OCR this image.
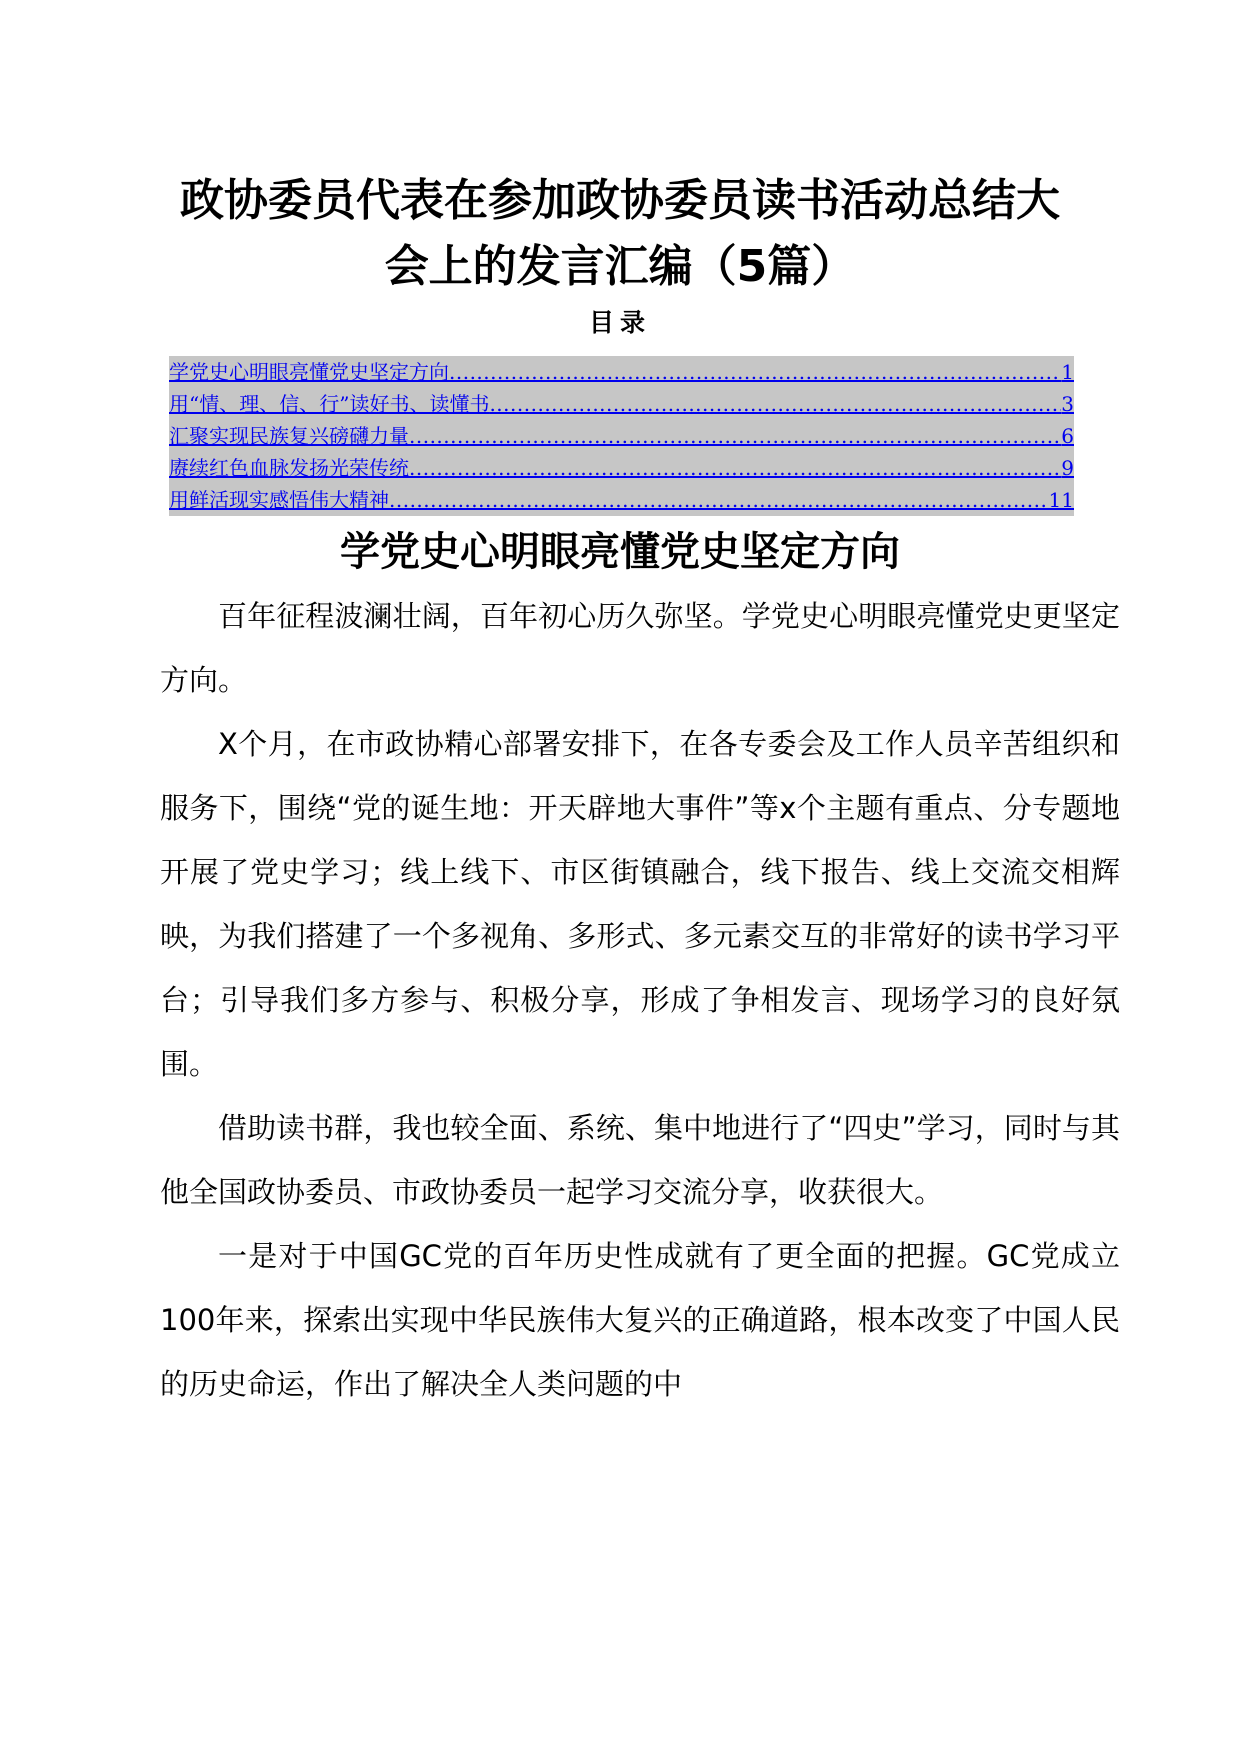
政协委员代表在参加政协委员读书活动总结大
会上的发言汇编（5篇）
目录
学党史心明眼亮懂党史坚定方向 .....	1
用“情、理、信、行”读好书、读懂书 .....	3
汇聚实现民族复兴磅礴力量 .....	6
赓续红色血脉发扬光荣传统 .....	9
用鲜活现实感悟伟大精神 .....	11
学党史心明眼亮懂党史坚定方向

百年征程波澜壮阔，百年初心历久弥坚。学党史心明眼亮懂党史更坚定方向。

X个月，在市政协精心部署安排下，在各专委会及工作人员辛苦组织和服务下，围绕“党的诞生地：开天辟地大事件”等x个主题有重点、分专题地开展了党史学习；线上线下、市区街镇融合，线下报告、线上交流交相辉映，为我们搭建了一个多视角、多形式、多元素交互的非常好的读书学习平台；引导我们多方参与、积极分享，形成了争相发言、现场学习的良好氛围。

借助读书群，我也较全面、系统、集中地进行了“四史”学习，同时与其他全国政协委员、市政协委员一起学习交流分享，收获很大。

一是对于中国GC党的百年历史性成就有了更全面的把握。GC党成立100年来，探索出实现中华民族伟大复兴的正确道路，根本改变了中国人民的历史命运，作出了解决全人类问题的中
